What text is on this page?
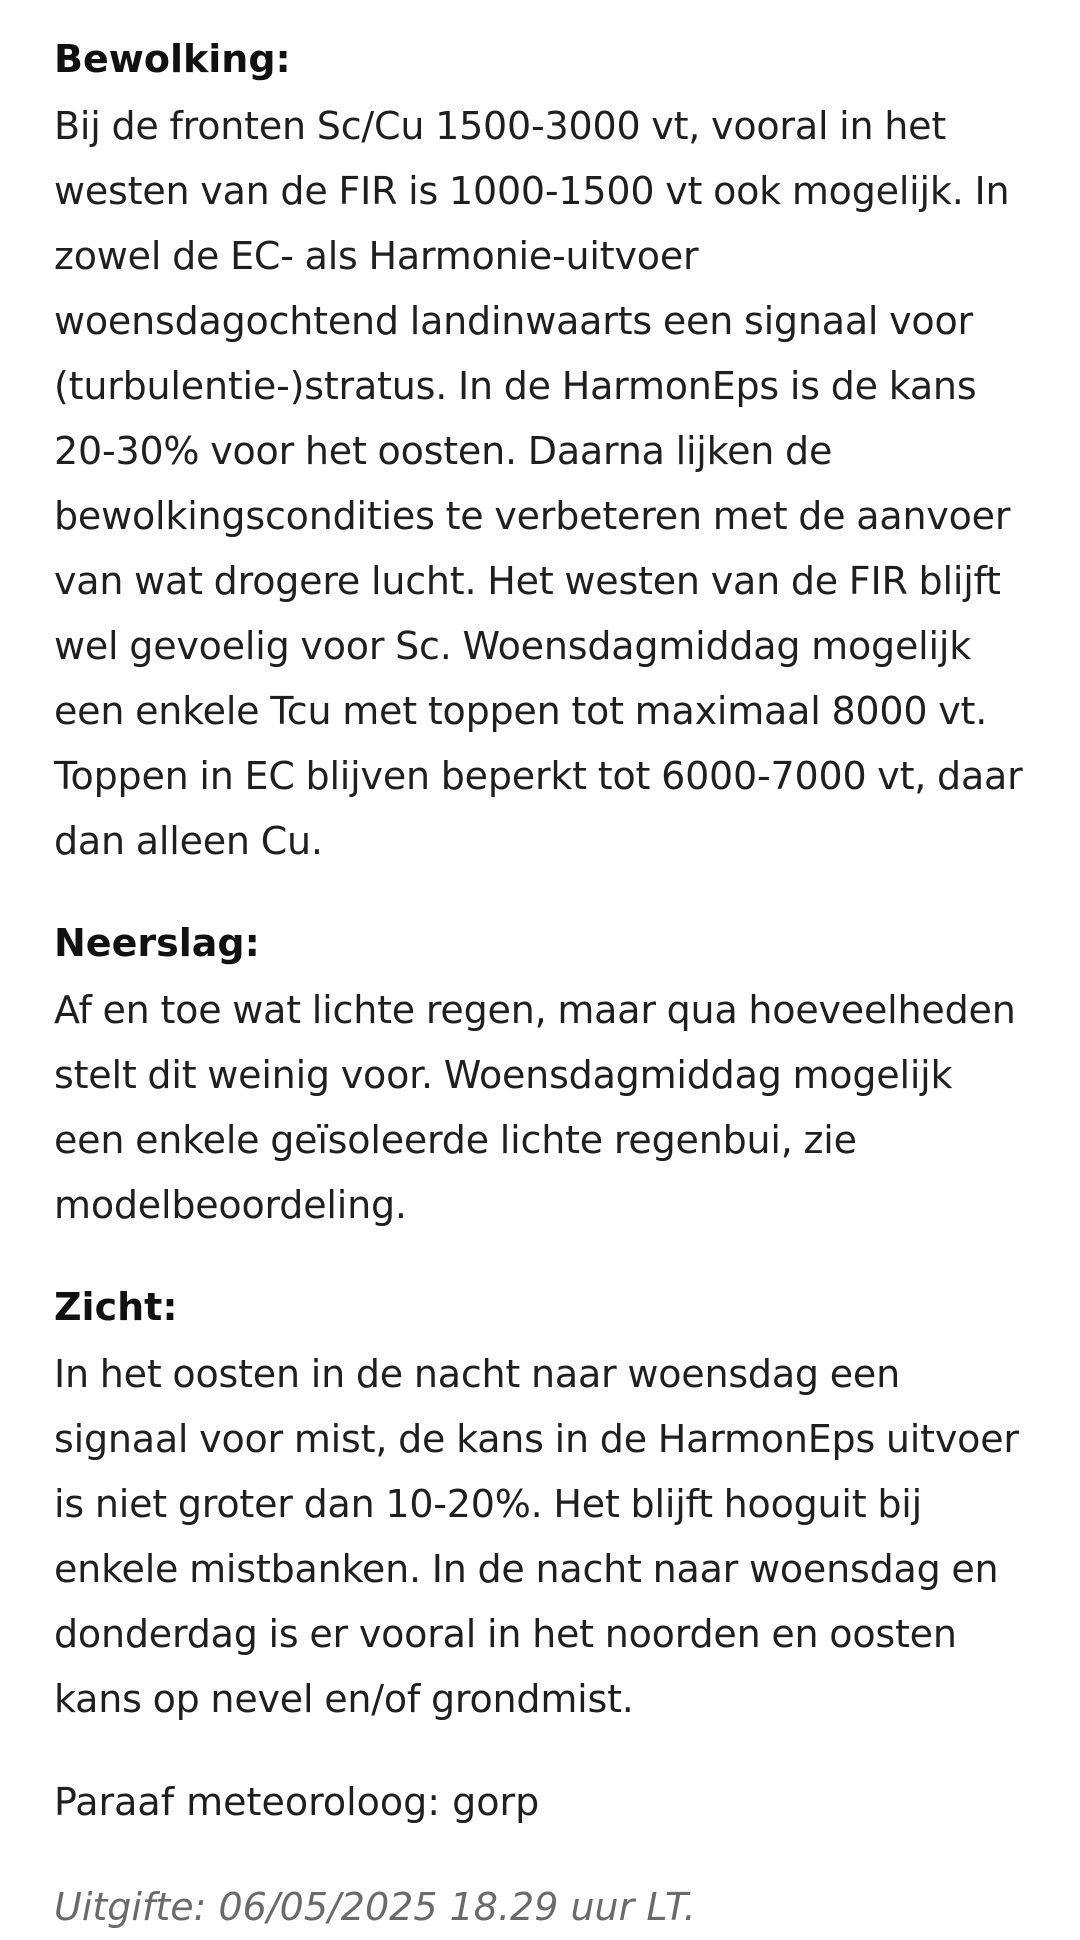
Bewolking:

Bij de fronten Sc/Cu 1500-3000 vt, vooral in het westen van de FIR is 1000-1500 vt ook mogelijk. In zowel de EC- als Harmonie-uitvoer woensdagochtend landinwaarts een signaal voor (turbulentie-)stratus. In de HarmonEps is de kans 20-30% voor het oosten. Daarna lijken de bewolkingscondities te verbeteren met de aanvoer van wat drogere lucht. Het westen van de FIR blijft wel gevoelig voor Sc. Woensdagmiddag mogelijk een enkele Tcu met toppen tot maximaal 8000 vt. Toppen in EC blijven beperkt tot 6000-7000 vt, daar dan alleen Cu.

Neerslag:

Af en toe wat lichte regen, maar qua hoeveelheden stelt dit weinig voor. Woensdagmiddag mogelijk een enkele geïsoleerde lichte regenbui, zie modelbeoordeling.

Zicht:

In het oosten in de nacht naar woensdag een signaal voor mist, de kans in de HarmonEps uitvoer is niet groter dan 10-20%. Het blijft hooguit bij enkele mistbanken. In de nacht naar woensdag en donderdag is er vooral in het noorden en oosten kans op nevel en/of grondmist.

Paraaf meteoroloog: gorp

Uitgifte: 06/05/2025 18.29 uur LT.
